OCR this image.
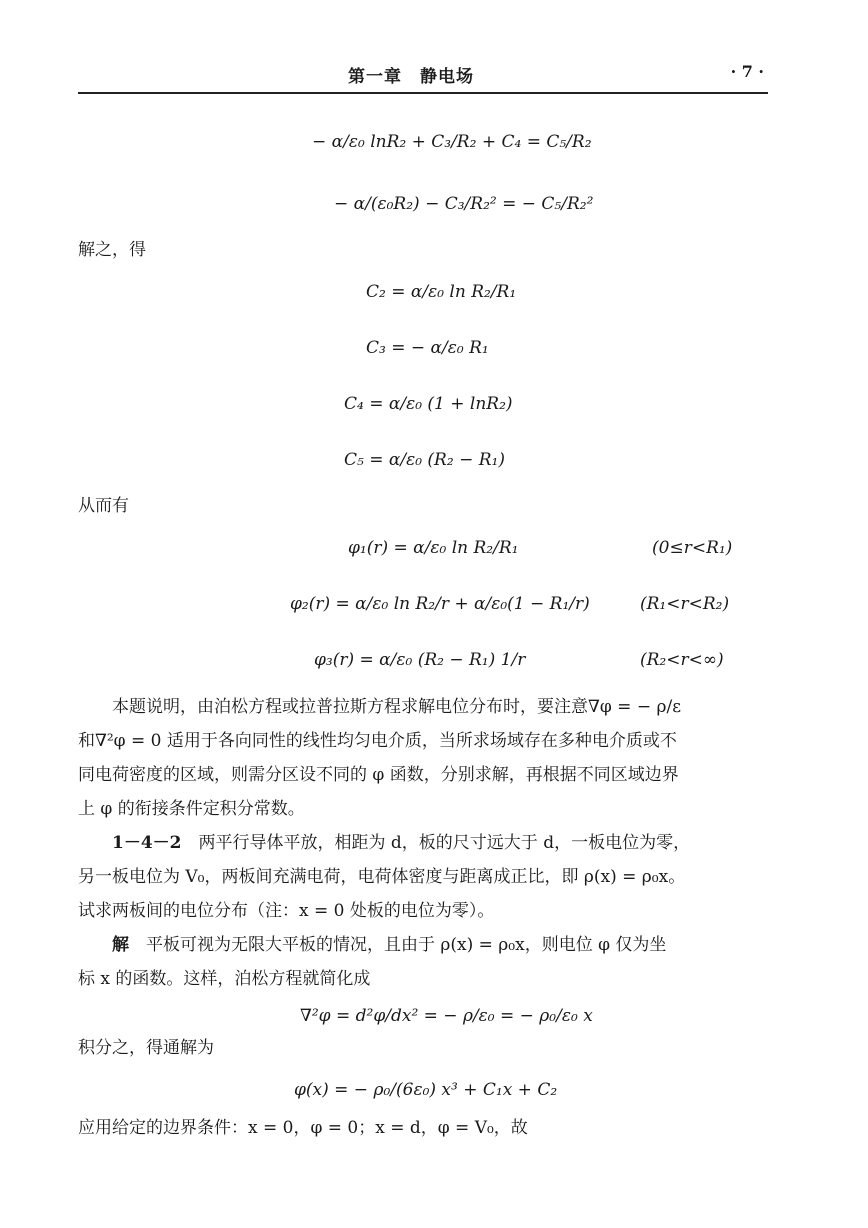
第一章　静电场	· 7 ·
− α/ε₀ lnR₂ + C₃/R₂ + C₄ = C₅/R₂
− α/(ε₀R₂) − C₃/R₂² = − C₅/R₂²
解之，得
C₂ = α/ε₀ ln R₂/R₁
C₃ = − α/ε₀ R₁
C₄ = α/ε₀ (1 + lnR₂)
C₅ = α/ε₀ (R₂ − R₁)
从而有
φ₁(r) = α/ε₀ ln R₂/R₁	(0≤r<R₁)
φ₂(r) = α/ε₀ ln R₂/r + α/ε₀(1 − R₁/r)	(R₁<r<R₂)
φ₃(r) = α/ε₀ (R₂ − R₁) 1/r	(R₂<r<∞)
本题说明，由泊松方程或拉普拉斯方程求解电位分布时，要注意∇φ = − ρ/ε
和∇²φ = 0 适用于各向同性的线性均匀电介质，当所求场域存在多种电介质或不
同电荷密度的区域，则需分区设不同的 φ 函数，分别求解，再根据不同区域边界
上 φ 的衔接条件定积分常数。
1－4－2　 两平行导体平放，相距为 d，板的尺寸远大于 d，一板电位为零，
另一板电位为 V₀，两板间充满电荷，电荷体密度与距离成正比，即 ρ(x) = ρ₀x。
试求两板间的电位分布（注：x = 0 处板的电位为零）。
解　 平板可视为无限大平板的情况，且由于 ρ(x) = ρ₀x，则电位 φ 仅为坐
标 x 的函数。这样，泊松方程就简化成
∇²φ = d²φ/dx² = − ρ/ε₀ = − ρ₀/ε₀ x
积分之，得通解为
φ(x) = − ρ₀/(6ε₀) x³ + C₁x + C₂
应用给定的边界条件：x = 0，φ = 0；x = d，φ = V₀，故
